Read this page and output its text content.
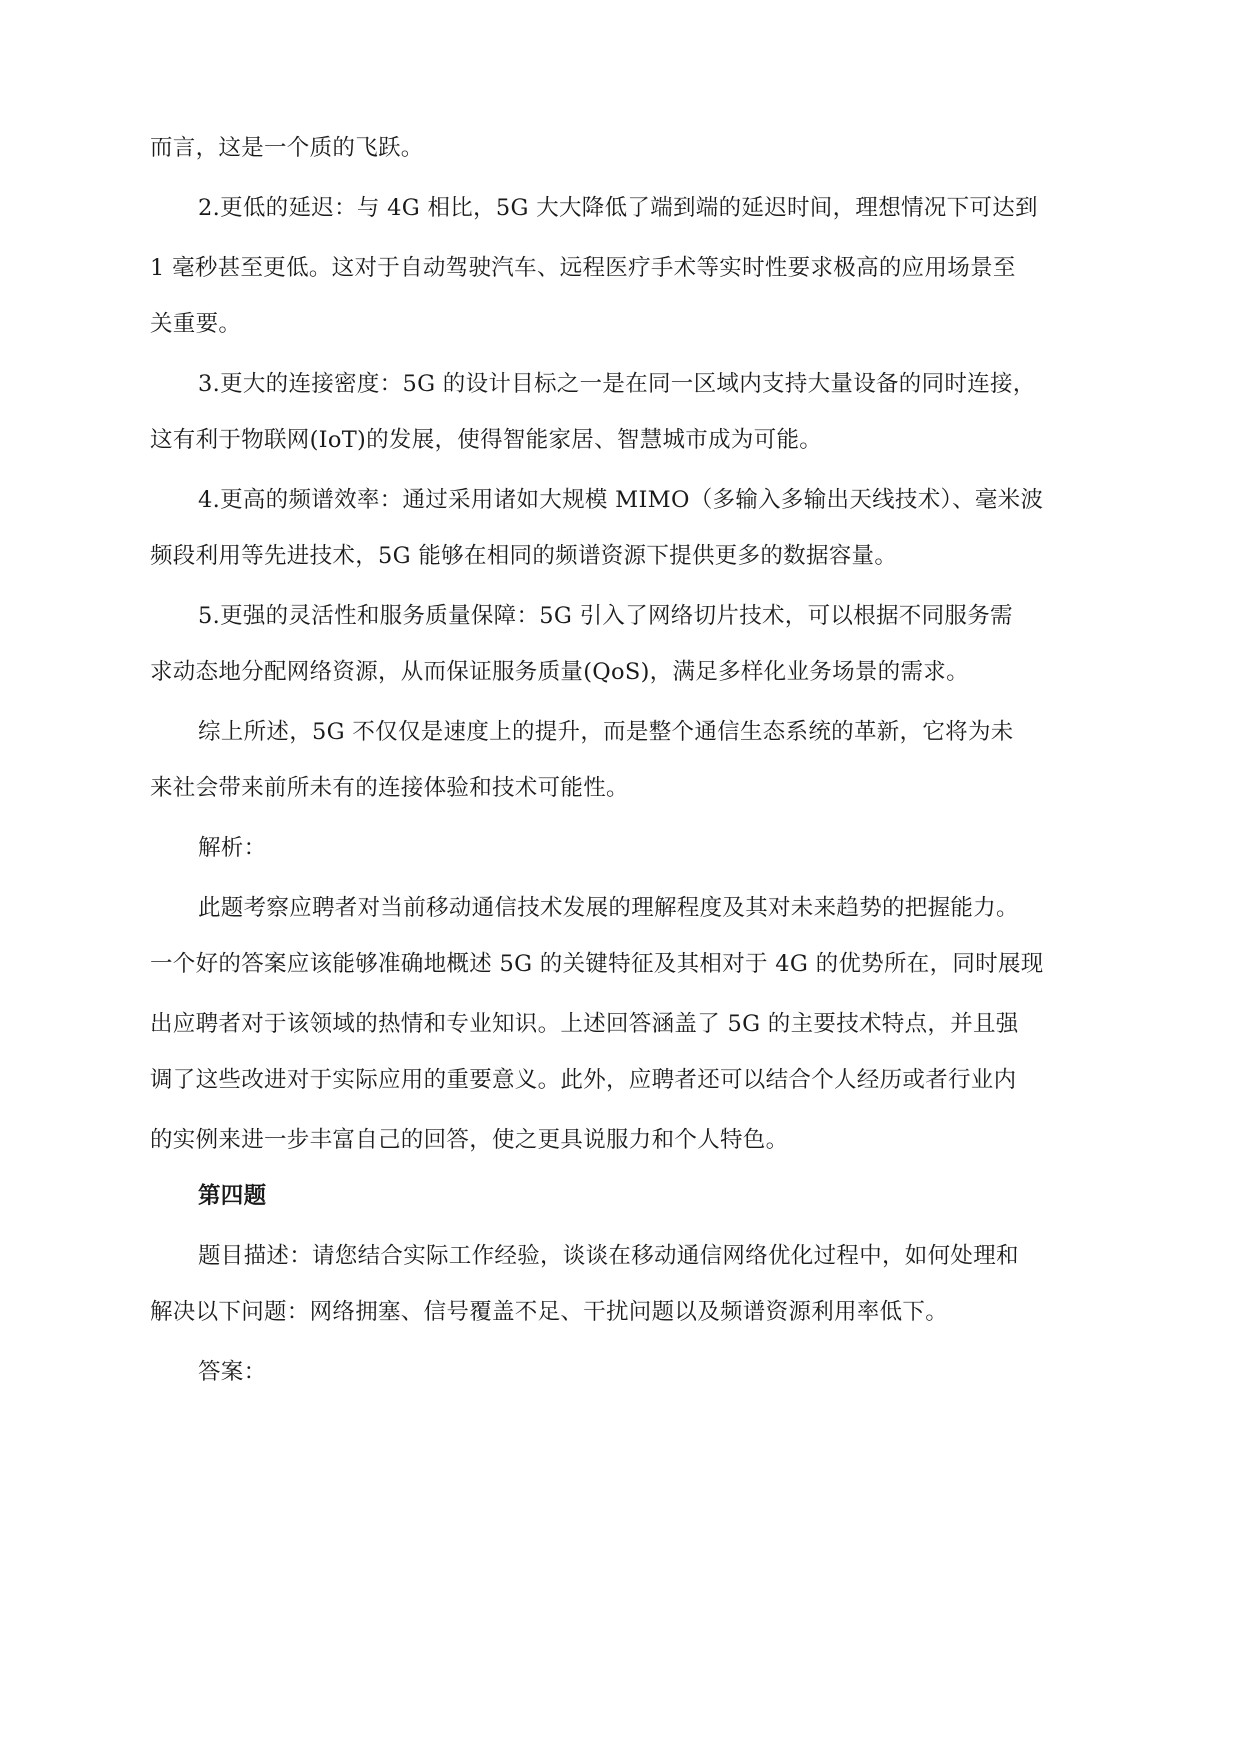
而言，这是一个质的飞跃。
2.更低的延迟：与 4G 相比，5G 大大降低了端到端的延迟时间，理想情况下可达到
1 毫秒甚至更低。这对于自动驾驶汽车、远程医疗手术等实时性要求极高的应用场景至
关重要。
3.更大的连接密度：5G 的设计目标之一是在同一区域内支持大量设备的同时连接，
这有利于物联网(IoT)的发展，使得智能家居、智慧城市成为可能。
4.更高的频谱效率：通过采用诸如大规模 MIMO（多输入多输出天线技术）、毫米波
频段利用等先进技术，5G 能够在相同的频谱资源下提供更多的数据容量。
5.更强的灵活性和服务质量保障：5G 引入了网络切片技术，可以根据不同服务需
求动态地分配网络资源，从而保证服务质量(QoS)，满足多样化业务场景的需求。
综上所述，5G 不仅仅是速度上的提升，而是整个通信生态系统的革新，它将为未
来社会带来前所未有的连接体验和技术可能性。
解析：
此题考察应聘者对当前移动通信技术发展的理解程度及其对未来趋势的把握能力。
一个好的答案应该能够准确地概述 5G 的关键特征及其相对于 4G 的优势所在，同时展现
出应聘者对于该领域的热情和专业知识。上述回答涵盖了 5G 的主要技术特点，并且强
调了这些改进对于实际应用的重要意义。此外，应聘者还可以结合个人经历或者行业内
的实例来进一步丰富自己的回答，使之更具说服力和个人特色。
第四题
题目描述：请您结合实际工作经验，谈谈在移动通信网络优化过程中，如何处理和
解决以下问题：网络拥塞、信号覆盖不足、干扰问题以及频谱资源利用率低下。
答案：
